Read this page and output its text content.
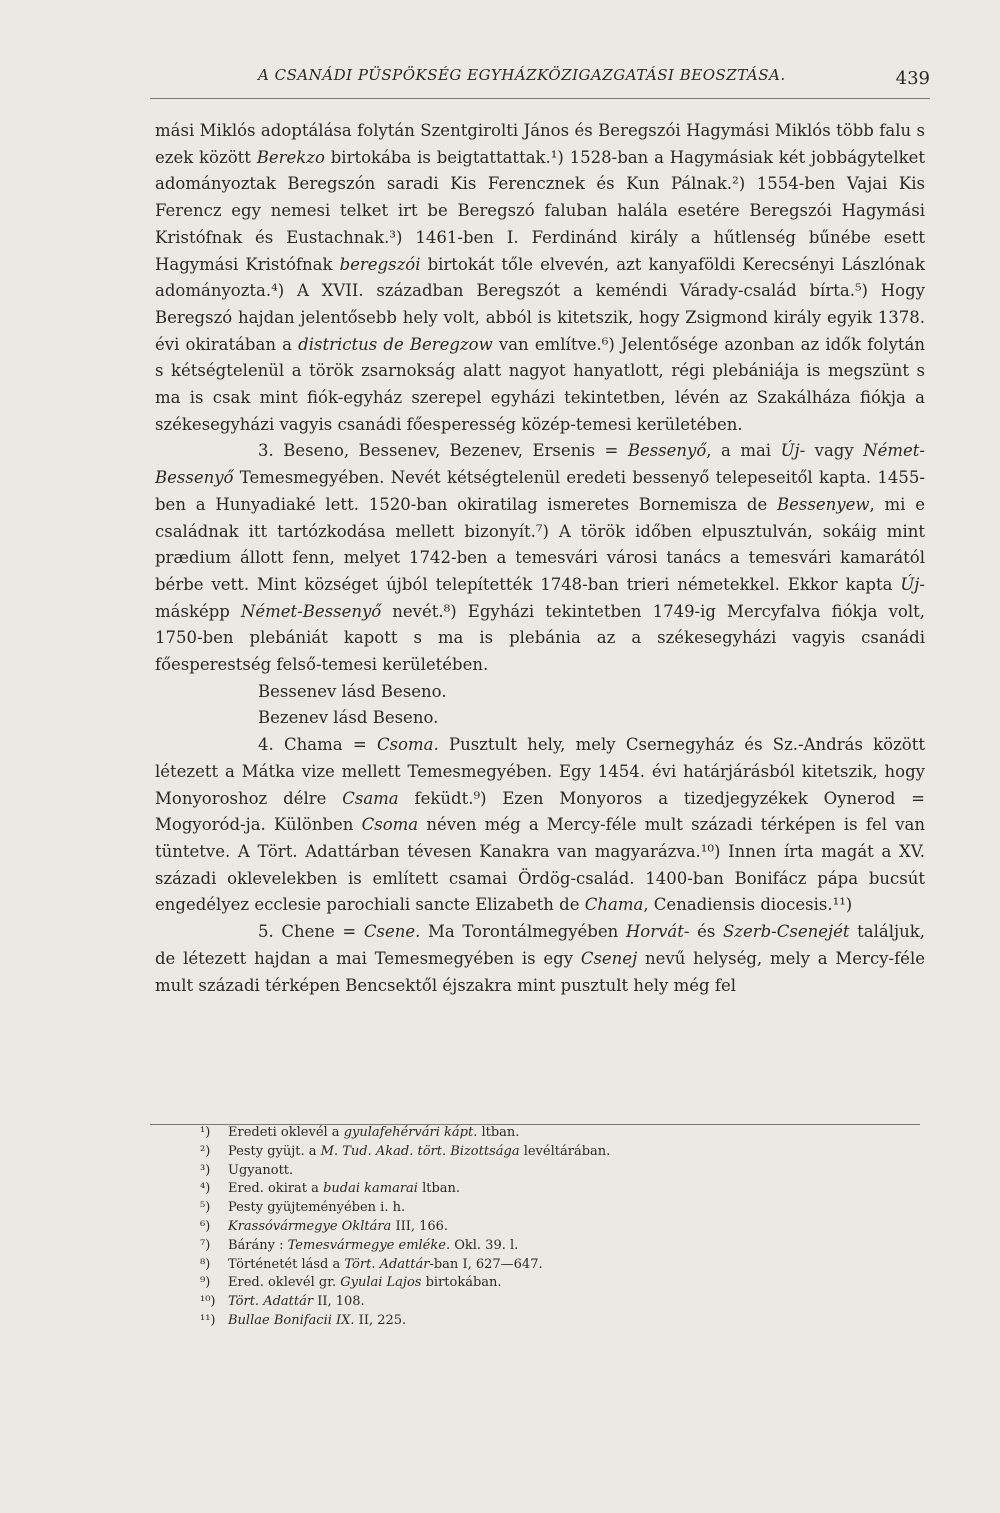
A CSANÁDI PÜSPÖKSÉG EGYHÁZKÖZIGAZGATÁSI BEOSZTÁSA.	439

mási Miklós adoptálása folytán Szentgirolti János és Beregszói Hagymási Miklós több falu s ezek között Berekzo birtokába is beigtattattak.¹) 1528-ban a Hagymásiak két jobbágytelket adományoztak Beregszón saradi Kis Ferencznek és Kun Pálnak.²) 1554-ben Vajai Kis Ferencz egy nemesi telket irt be Beregszó faluban halála esetére Beregszói Hagymási Kristófnak és Eustachnak.³) 1461-ben I. Ferdinánd király a hűtlenség bűnébe esett Hagymási Kristófnak beregszói birtokát tőle elvevén, azt kanyaföldi Kerecsényi Lászlónak adományozta.⁴) A XVII. században Beregszót a keméndi Várady-család bírta.⁵) Hogy Beregszó hajdan jelentősebb hely volt, abból is kitetszik, hogy Zsigmond király egyik 1378. évi okiratában a districtus de Beregzow van említve.⁶) Jelentősége azonban az idők folytán s kétségtelenül a török zsarnokság alatt nagyot hanyatlott, régi plebániája is megszünt s ma is csak mint fiók-egyház szerepel egyházi tekintetben, lévén az Szakálháza fiókja a székesegyházi vagyis csanádi főesperesség közép-temesi kerületében.

3. Beseno, Bessenev, Bezenev, Ersenis = Bessenyő, a mai Új- vagy Német-Bessenyő Temesmegyében. Nevét kétségtelenül eredeti bessenyő telepeseitől kapta. 1455-ben a Hunyadiaké lett. 1520-ban okiratilag ismeretes Bornemisza de Bessenyew, mi e családnak itt tartózkodása mellett bizonyít.⁷) A török időben elpusztulván, sokáig mint prædium állott fenn, melyet 1742-ben a temesvári városi tanács a temesvári kamarától bérbe vett. Mint községet újból telepítették 1748-ban trieri németekkel. Ekkor kapta Új- másképp Német-Bessenyő nevét.⁸) Egyházi tekintetben 1749-ig Mercyfalva fiókja volt, 1750-ben plebániát kapott s ma is plebánia az a székesegyházi vagyis csanádi főesperestség felső-temesi kerületében.

Bessenev lásd Beseno.

Bezenev lásd Beseno.

4. Chama = Csoma. Pusztult hely, mely Csernegyház és Sz.-András között létezett a Mátka vize mellett Temesmegyében. Egy 1454. évi határjárásból kitetszik, hogy Monyoroshoz délre Csama feküdt.⁹) Ezen Monyoros a tizedjegyzékek Oynerod = Mogyoród-ja. Különben Csoma néven még a Mercy-féle mult századi térképen is fel van tüntetve. A Tört. Adattárban tévesen Kanakra van magyarázva.¹⁰) Innen írta magát a XV. századi oklevelekben is említett csamai Ördög-család. 1400-ban Bonifácz pápa bucsút engedélyez ecclesie parochiali sancte Elizabeth de Chama, Cenadiensis diocesis.¹¹)

5. Chene = Csene. Ma Torontálmegyében Horvát- és Szerb-Csenejét találjuk, de létezett hajdan a mai Temesmegyében is egy Csenej nevű helység, mely a Mercy-féle mult századi térképen Bencsektől éjszakra mint pusztult hely még fel

¹) Eredeti oklevél a gyulafehérvári kápt. ltban.
²) Pesty gyüjt. a M. Tud. Akad. tört. Bizottsága levéltárában.
³) Ugyanott.
⁴) Ered. okirat a budai kamarai ltban.
⁵) Pesty gyüjteményében i. h.
⁶) Krassóvármegye Okltára III, 166.
⁷) Bárány : Temesvármegye emléke. Okl. 39. l.
⁸) Történetét lásd a Tört. Adattár-ban I, 627—647.
⁹) Ered. oklevél gr. Gyulai Lajos birtokában.
¹⁰) Tört. Adattár II, 108.
¹¹) Bullae Bonifacii IX. II, 225.
